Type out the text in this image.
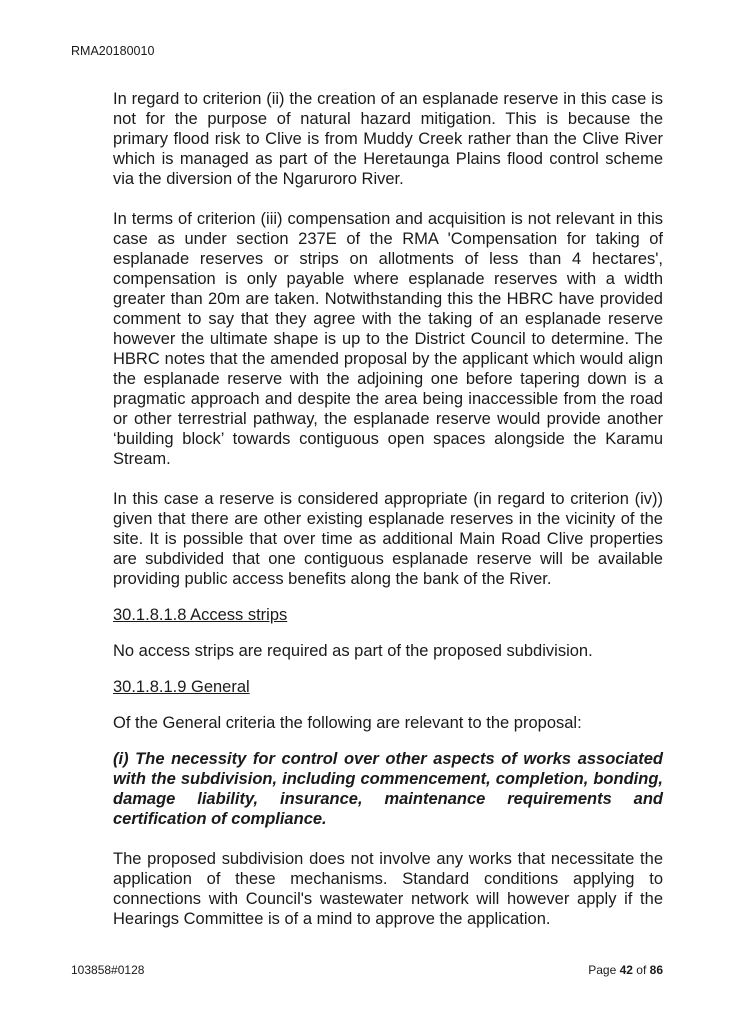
RMA20180010

In regard to criterion (ii) the creation of an esplanade reserve in this case is not for the purpose of natural hazard mitigation. This is because the primary flood risk to Clive is from Muddy Creek rather than the Clive River which is managed as part of the Heretaunga Plains flood control scheme via the diversion of the Ngaruroro River.

In terms of criterion (iii) compensation and acquisition is not relevant in this case as under section 237E of the RMA 'Compensation for taking of esplanade reserves or strips on allotments of less than 4 hectares', compensation is only payable where esplanade reserves with a width greater than 20m are taken. Notwithstanding this the HBRC have provided comment to say that they agree with the taking of an esplanade reserve however the ultimate shape is up to the District Council to determine. The HBRC notes that the amended proposal by the applicant which would align the esplanade reserve with the adjoining one before tapering down is a pragmatic approach and despite the area being inaccessible from the road or other terrestrial pathway, the esplanade reserve would provide another ‘building block’ towards contiguous open spaces alongside the Karamu Stream.

In this case a reserve is considered appropriate (in regard to criterion (iv)) given that there are other existing esplanade reserves in the vicinity of the site. It is possible that over time as additional Main Road Clive properties are subdivided that one contiguous esplanade reserve will be available providing public access benefits along the bank of the River.

30.1.8.1.8 Access strips

No access strips are required as part of the proposed subdivision.

30.1.8.1.9 General

Of the General criteria the following are relevant to the proposal:

(i) The necessity for control over other aspects of works associated with the subdivision, including commencement, completion, bonding, damage liability, insurance, maintenance requirements and certification of compliance.

The proposed subdivision does not involve any works that necessitate the application of these mechanisms. Standard conditions applying to connections with Council's wastewater network will however apply if the Hearings Committee is of a mind to approve the application.

103858#0128	Page 42 of 86
